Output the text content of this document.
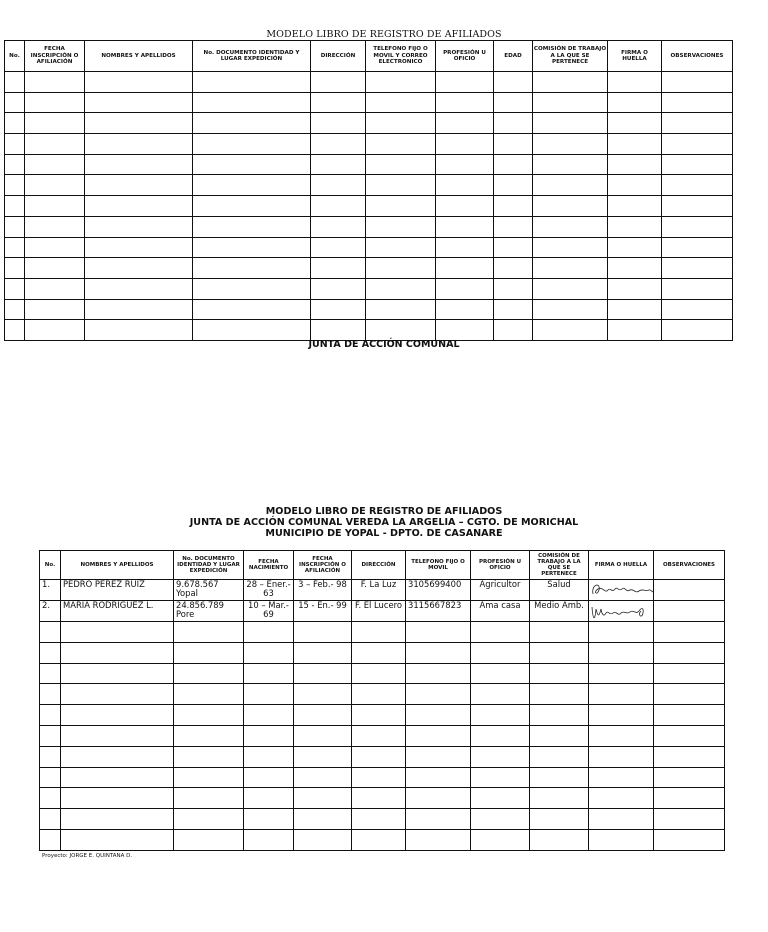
MODELO LIBRO DE REGISTRO DE AFILIADOS
No.	FECHA INSCRIPCIÓN O AFILIACIÓN	NOMBRES Y APELLIDOS	No. DOCUMENTO IDENTIDAD Y LUGAR EXPEDICIÓN	DIRECCIÓN	TELEFONO FIJO O MOVIL Y CORREO ELECTRONICO	PROFESIÓN U OFICIO	EDAD	COMISIÓN DE TRABAJO A LA QUE SE PERTENECE	FIRMA O HUELLA	OBSERVACIONES

JUNTA DE ACCIÓN COMUNAL
MODELO LIBRO DE REGISTRO DE AFILIADOS
JUNTA DE ACCIÓN COMUNAL VEREDA LA ARGELIA – CGTO. DE MORICHAL
MUNICIPIO DE YOPAL - DPTO. DE CASANARE
No.	NOMBRES Y APELLIDOS	No. DOCUMENTO IDENTIDAD Y LUGAR EXPEDICIÓN	FECHA NACIMIENTO	FECHA INSCRIPCIÓN O AFILIACIÓN	DIRECCIÓN	TELEFONO FIJO O MOVIL	PROFESIÓN U OFICIO	COMISIÓN DE TRABAJO A LA QUE SE PERTENECE	FIRMA O HUELLA	OBSERVACIONES
1.	PEDRO PEREZ RUIZ	9.678.567 Yopal	28 – Ener.- 63	3 – Feb.- 98	F. La Luz	3105699400	Agricultor	Salud	

2.	MARIA RODRIGUEZ L.	24.856.789 Pore	10 – Mar.- 69	15 - En.- 99	F. El Lucero	3115667823	Ama casa	Medio Amb.	

Proyecto: JORGE E. QUINTANA D.
